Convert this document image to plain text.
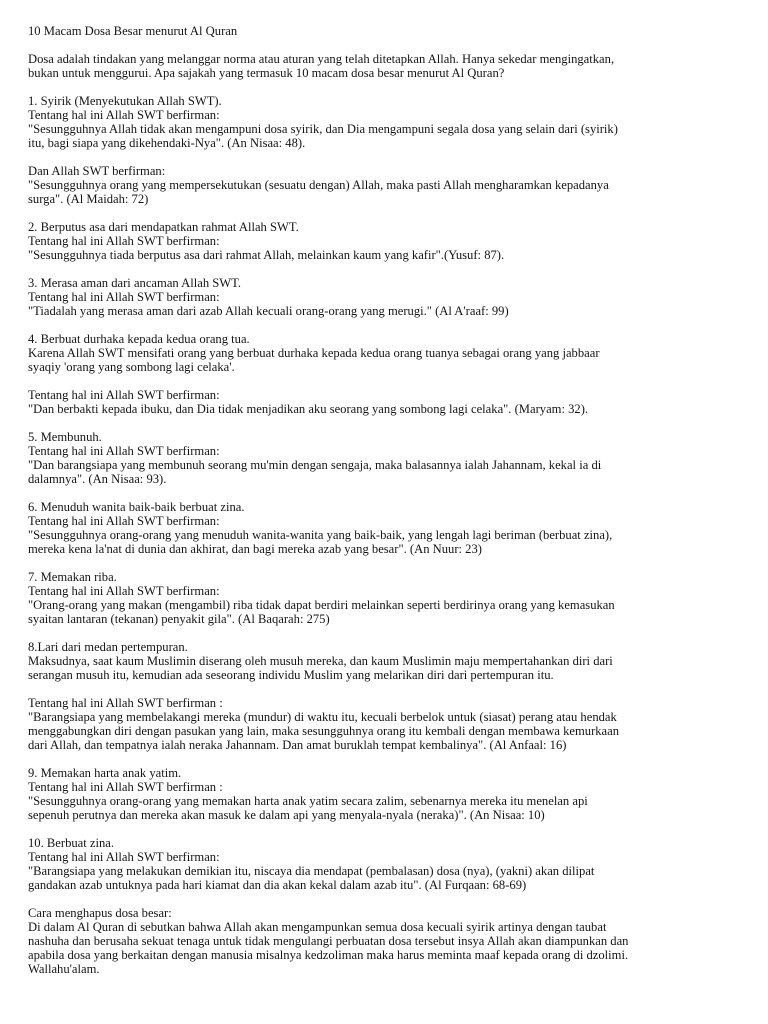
10 Macam Dosa Besar menurut Al Quran
Dosa adalah tindakan yang melanggar norma atau aturan yang telah ditetapkan Allah. Hanya sekedar mengingatkan,
bukan untuk menggurui. Apa sajakah yang termasuk 10 macam dosa besar menurut Al Quran?
1. Syirik (Menyekutukan Allah SWT).
Tentang hal ini Allah SWT berfirman:
"Sesungguhnya Allah tidak akan mengampuni dosa syirik, dan Dia mengampuni segala dosa yang selain dari (syirik)
itu, bagi siapa yang dikehendaki-Nya". (An Nisaa: 48).
Dan Allah SWT berfirman:
"Sesungguhnya orang yang mempersekutukan (sesuatu dengan) Allah, maka pasti Allah mengharamkan kepadanya
surga". (Al Maidah: 72)
2. Berputus asa dari mendapatkan rahmat Allah SWT.
Tentang hal ini Allah SWT berfirman:
"Sesungguhnya tiada berputus asa dari rahmat Allah, melainkan kaum yang kafir".(Yusuf: 87).
3. Merasa aman dari ancaman Allah SWT.
Tentang hal ini Allah SWT berfirman:
"Tiadalah yang merasa aman dari azab Allah kecuali orang-orang yang merugi." (Al A'raaf: 99)
4. Berbuat durhaka kepada kedua orang tua.
Karena Allah SWT mensifati orang yang berbuat durhaka kepada kedua orang tuanya sebagai orang yang jabbaar
syaqiy 'orang yang sombong lagi celaka'.
Tentang hal ini Allah SWT berfirman:
"Dan berbakti kepada ibuku, dan Dia tidak menjadikan aku seorang yang sombong lagi celaka". (Maryam: 32).
5. Membunuh.
Tentang hal ini Allah SWT berfirman:
"Dan barangsiapa yang membunuh seorang mu'min dengan sengaja, maka balasannya ialah Jahannam, kekal ia di
dalamnya". (An Nisaa: 93).
6. Menuduh wanita baik-baik berbuat zina.
Tentang hal ini Allah SWT berfirman:
"Sesungguhnya orang-orang yang menuduh wanita-wanita yang baik-baik, yang lengah lagi beriman (berbuat zina),
mereka kena la'nat di dunia dan akhirat, dan bagi mereka azab yang besar". (An Nuur: 23)
7. Memakan riba.
Tentang hal ini Allah SWT berfirman:
"Orang-orang yang makan (mengambil) riba tidak dapat berdiri melainkan seperti berdirinya orang yang kemasukan
syaitan lantaran (tekanan) penyakit gila". (Al Baqarah: 275)
8.Lari dari medan pertempuran.
Maksudnya, saat kaum Muslimin diserang oleh musuh mereka, dan kaum Muslimin maju mempertahankan diri dari
serangan musuh itu, kemudian ada seseorang individu Muslim yang melarikan diri dari pertempuran itu.
Tentang hal ini Allah SWT berfirman :
"Barangsiapa yang membelakangi mereka (mundur) di waktu itu, kecuali berbelok untuk (siasat) perang atau hendak
menggabungkan diri dengan pasukan yang lain, maka sesungguhnya orang itu kembali dengan membawa kemurkaan
dari Allah, dan tempatnya ialah neraka Jahannam. Dan amat buruklah tempat kembalinya". (Al Anfaal: 16)
9. Memakan harta anak yatim.
Tentang hal ini Allah SWT berfirman :
"Sesungguhnya orang-orang yang memakan harta anak yatim secara zalim, sebenarnya mereka itu menelan api
sepenuh perutnya dan mereka akan masuk ke dalam api yang menyala-nyala (neraka)". (An Nisaa: 10)
10. Berbuat zina.
Tentang hal ini Allah SWT berfirman:
"Barangsiapa yang melakukan demikian itu, niscaya dia mendapat (pembalasan) dosa (nya), (yakni) akan dilipat
gandakan azab untuknya pada hari kiamat dan dia akan kekal dalam azab itu". (Al Furqaan: 68-69)
Cara menghapus dosa besar:
Di dalam Al Quran di sebutkan bahwa Allah akan mengampunkan semua dosa kecuali syirik artinya dengan taubat
nashuha dan berusaha sekuat tenaga untuk tidak mengulangi perbuatan dosa tersebut insya Allah akan diampunkan dan
apabila dosa yang berkaitan dengan manusia misalnya kedzoliman maka harus meminta maaf kepada orang di dzolimi.
Wallahu'alam.
